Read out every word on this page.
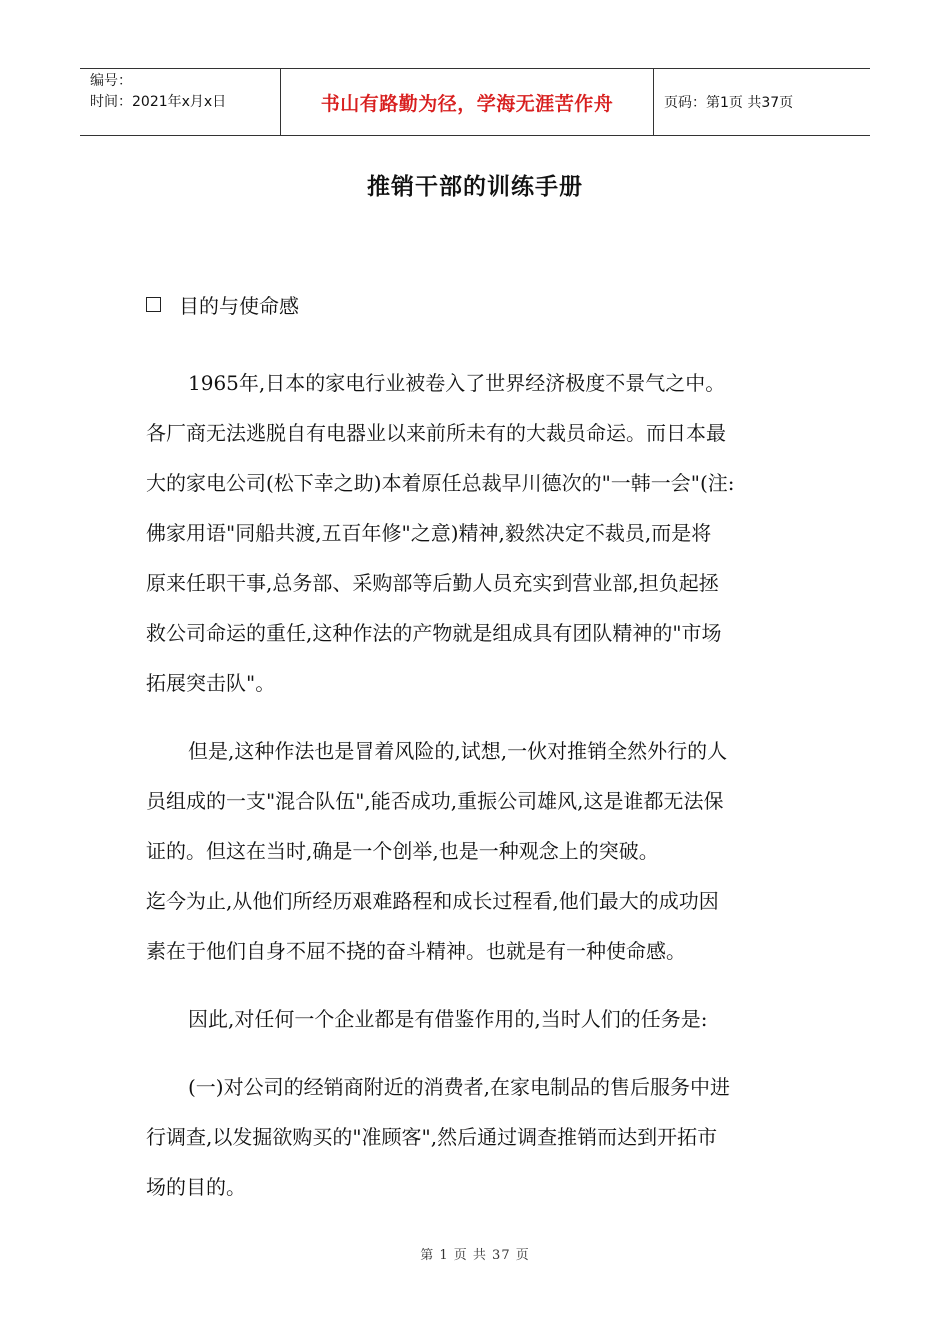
编号：
时间：2021年x月x日	书山有路勤为径，学海无涯苦作舟	页码：第1页 共37页
推销干部的训练手册
目的与使命感

1965年,日本的家电行业被卷入了世界经济极度不景气之中。

各厂商无法逃脱自有电器业以来前所未有的大裁员命运。而日本最

大的家电公司(松下幸之助)本着原任总裁早川德次的"一韩一会"(注:

佛家用语"同船共渡,五百年修"之意)精神,毅然决定不裁员,而是将

原来任职干事,总务部、采购部等后勤人员充实到营业部,担负起拯

救公司命运的重任,这种作法的产物就是组成具有团队精神的"市场

拓展突击队"。

但是,这种作法也是冒着风险的,试想,一伙对推销全然外行的人

员组成的一支"混合队伍",能否成功,重振公司雄风,这是谁都无法保

证的。但这在当时,确是一个创举,也是一种观念上的突破。

迄今为止,从他们所经历艰难路程和成长过程看,他们最大的成功因

素在于他们自身不屈不挠的奋斗精神。也就是有一种使命感。

因此,对任何一个企业都是有借鉴作用的,当时人们的任务是:

(一)对公司的经销商附近的消费者,在家电制品的售后服务中进

行调查,以发掘欲购买的"准顾客",然后通过调查推销而达到开拓市

场的目的。

第 1 页 共 37 页
